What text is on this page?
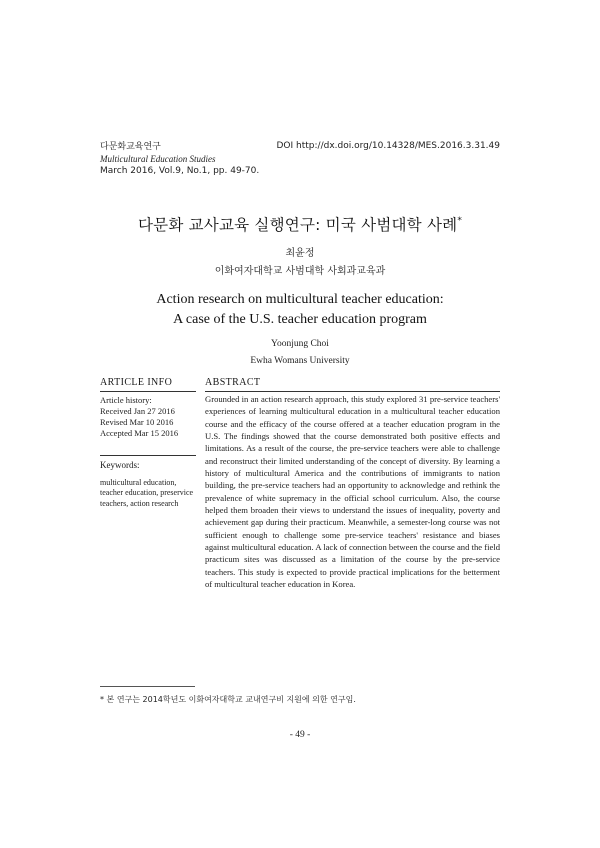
다문화교육연구
Multicultural Education Studies
March 2016, Vol.9, No.1, pp. 49-70.
DOI http://dx.doi.org/10.14328/MES.2016.3.31.49
다문화 교사교육 실행연구: 미국 사범대학 사례*
최윤정
이화여자대학교 사범대학 사회과교육과
Action research on multicultural teacher education:
A case of the U.S. teacher education program
Yoonjung Choi
Ewha Womans University
ARTICLE INFO
Article history:
Received Jan 27 2016
Revised Mar 10 2016
Accepted Mar 15 2016
Keywords:
multicultural education, teacher education, preservice teachers, action research
ABSTRACT
Grounded in an action research approach, this study explored 31 pre-service teachers' experiences of learning multicultural education in a multicultural teacher education course and the efficacy of the course offered at a teacher education program in the U.S. The findings showed that the course demonstrated both positive effects and limitations. As a result of the course, the pre-service teachers were able to challenge and reconstruct their limited understanding of the concept of diversity. By learning a history of multicultural America and the contributions of immigrants to nation building, the pre-service teachers had an opportunity to acknowledge and rethink the prevalence of white supremacy in the official school curriculum. Also, the course helped them broaden their views to understand the issues of inequality, poverty and achievement gap during their practicum. Meanwhile, a semester-long course was not sufficient enough to challenge some pre-service teachers' resistance and biases against multicultural education. A lack of connection between the course and the field practicum sites was discussed as a limitation of the course by the pre-service teachers. This study is expected to provide practical implications for the betterment of multicultural teacher education in Korea.
* 본 연구는 2014학년도 이화여자대학교 교내연구비 지원에 의한 연구임.
- 49 -
